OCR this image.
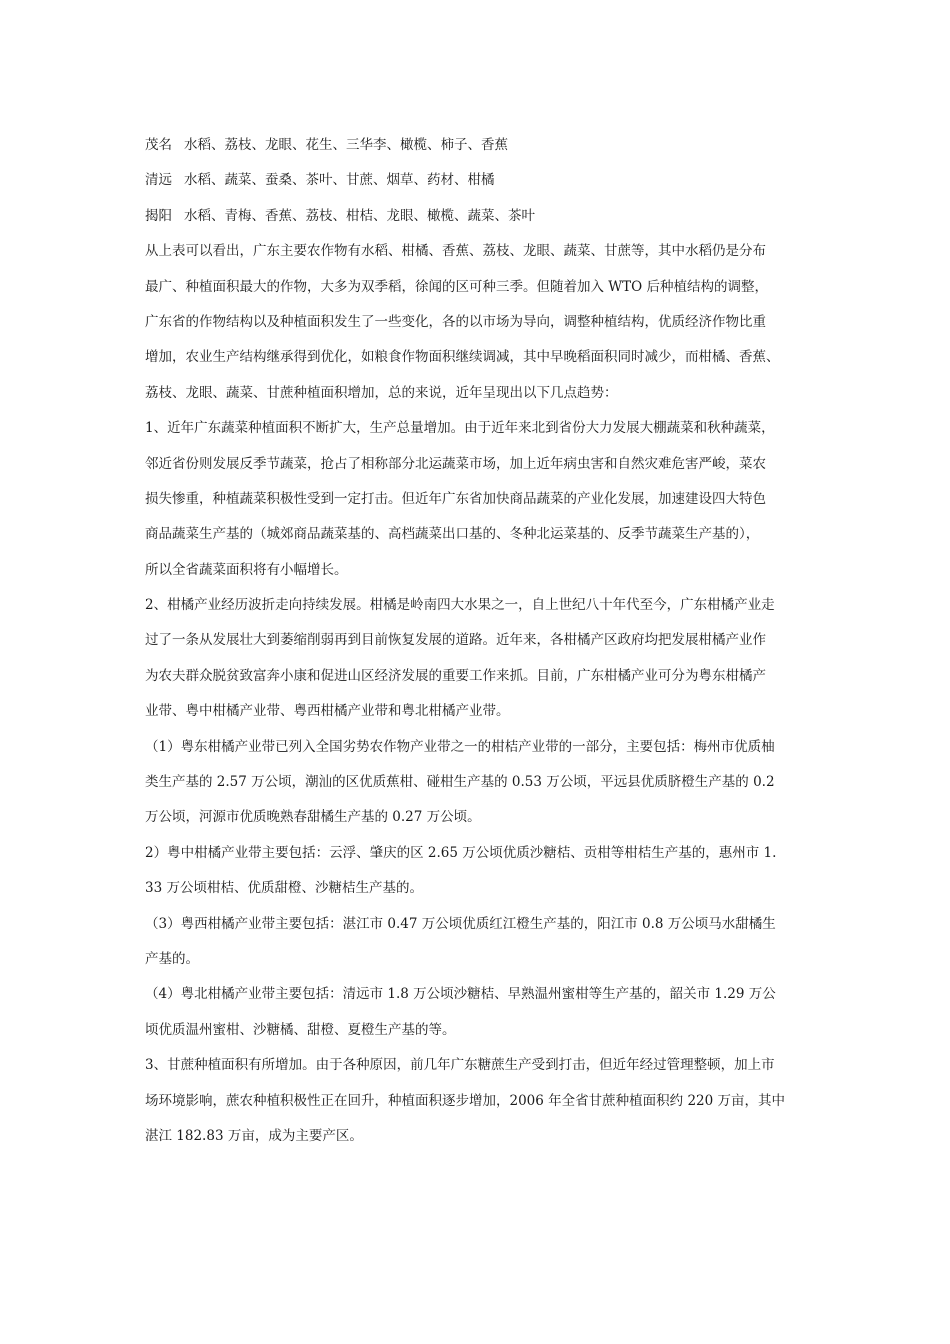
茂名 水稻、荔枝、龙眼、花生、三华李、橄榄、柿子、香蕉
清远 水稻、蔬菜、蚕桑、茶叶、甘蔗、烟草、药材、柑橘
揭阳 水稻、青梅、香蕉、荔枝、柑桔、龙眼、橄榄、蔬菜、茶叶
从上表可以看出，广东主要农作物有水稻、柑橘、香蕉、荔枝、龙眼、蔬菜、甘蔗等，其中水稻仍是分布
最广、种植面积最大的作物，大多为双季稻，徐闻的区可种三季。但随着加入 WTO 后种植结构的调整，
广东省的作物结构以及种植面积发生了一些变化，各的以市场为导向，调整种植结构，优质经济作物比重
增加，农业生产结构继承得到优化，如粮食作物面积继续调减，其中早晚稻面积同时减少，而柑橘、香蕉、
荔枝、龙眼、蔬菜、甘蔗种植面积增加，总的来说，近年呈现出以下几点趋势：
1、近年广东蔬菜种植面积不断扩大，生产总量增加。由于近年来北到省份大力发展大棚蔬菜和秋种蔬菜，
邻近省份则发展反季节蔬菜，抢占了相称部分北运蔬菜市场，加上近年病虫害和自然灾难危害严峻，菜农
损失惨重，种植蔬菜积极性受到一定打击。但近年广东省加快商品蔬菜的产业化发展，加速建设四大特色
商品蔬菜生产基的（城郊商品蔬菜基的、高档蔬菜出口基的、冬种北运菜基的、反季节蔬菜生产基的），
所以全省蔬菜面积将有小幅增长。
2、柑橘产业经历波折走向持续发展。柑橘是岭南四大水果之一，自上世纪八十年代至今，广东柑橘产业走
过了一条从发展壮大到萎缩削弱再到目前恢复发展的道路。近年来，各柑橘产区政府均把发展柑橘产业作
为农夫群众脱贫致富奔小康和促进山区经济发展的重要工作来抓。目前，广东柑橘产业可分为粤东柑橘产
业带、粤中柑橘产业带、粤西柑橘产业带和粤北柑橘产业带。
（1）粤东柑橘产业带已列入全国劣势农作物产业带之一的柑桔产业带的一部分，主要包括：梅州市优质柚
类生产基的 2.57 万公顷，潮汕的区优质蕉柑、碰柑生产基的 0.53 万公顷，平远县优质脐橙生产基的 0.2
万公顷，河源市优质晚熟春甜橘生产基的 0.27 万公顷。
2）粤中柑橘产业带主要包括：云浮、肇庆的区 2.65 万公顷优质沙糖桔、贡柑等柑桔生产基的，惠州市 1.
33 万公顷柑桔、优质甜橙、沙糖桔生产基的。
（3）粤西柑橘产业带主要包括：湛江市 0.47 万公顷优质红江橙生产基的，阳江市 0.8 万公顷马水甜橘生
产基的。
（4）粤北柑橘产业带主要包括：清远市 1.8 万公顷沙糖桔、早熟温州蜜柑等生产基的，韶关市 1.29 万公
顷优质温州蜜柑、沙糖橘、甜橙、夏橙生产基的等。
3、甘蔗种植面积有所增加。由于各种原因，前几年广东糖蔗生产受到打击，但近年经过管理整顿，加上市
场环境影响，蔗农种植积极性正在回升，种植面积逐步增加，2006 年全省甘蔗种植面积约 220 万亩，其中
湛江 182.83 万亩，成为主要产区。
